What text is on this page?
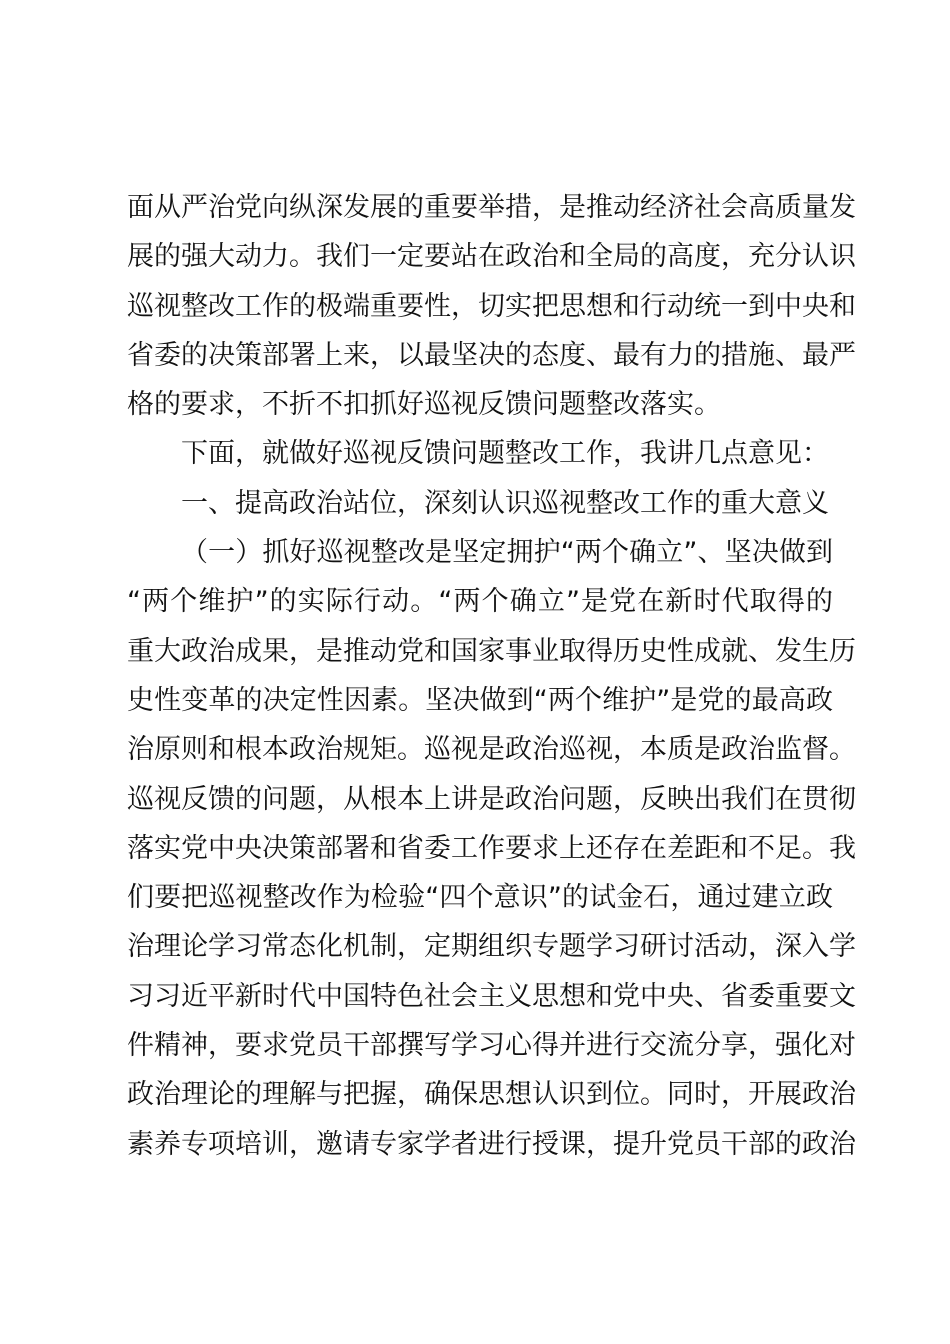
面从严治党向纵深发展的重要举措，是推动经济社会高质量发
展的强大动力。我们一定要站在政治和全局的高度，充分认识
巡视整改工作的极端重要性，切实把思想和行动统一到中央和
省委的决策部署上来，以最坚决的态度、最有力的措施、最严
格的要求，不折不扣抓好巡视反馈问题整改落实。
下面，就做好巡视反馈问题整改工作，我讲几点意见：
一、提高政治站位，深刻认识巡视整改工作的重大意义
（一）抓好巡视整改是坚定拥护“两个确立”、坚决做到
“两个维护”的实际行动。“两个确立”是党在新时代取得的
重大政治成果，是推动党和国家事业取得历史性成就、发生历
史性变革的决定性因素。坚决做到“两个维护”是党的最高政
治原则和根本政治规矩。巡视是政治巡视，本质是政治监督。
巡视反馈的问题，从根本上讲是政治问题，反映出我们在贯彻
落实党中央决策部署和省委工作要求上还存在差距和不足。我
们要把巡视整改作为检验“四个意识”的试金石，通过建立政
治理论学习常态化机制，定期组织专题学习研讨活动，深入学
习习近平新时代中国特色社会主义思想和党中央、省委重要文
件精神，要求党员干部撰写学习心得并进行交流分享，强化对
政治理论的理解与把握，确保思想认识到位。同时，开展政治
素养专项培训，邀请专家学者进行授课，提升党员干部的政治
